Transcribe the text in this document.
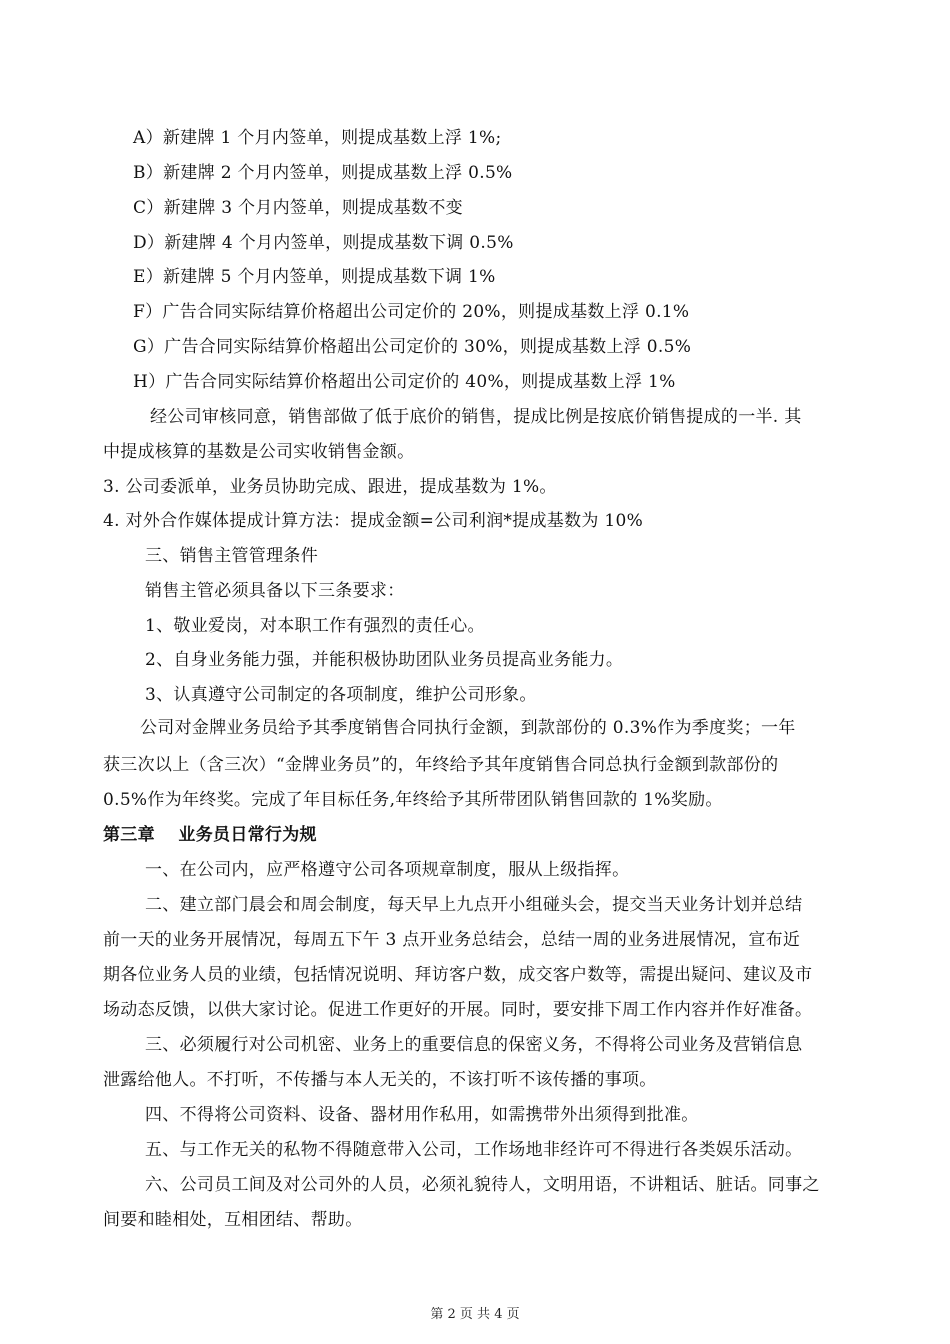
A）新建牌 1 个月内签单，则提成基数上浮 1%;
B）新建牌 2 个月内签单，则提成基数上浮 0.5%
C）新建牌 3 个月内签单，则提成基数不变
D）新建牌 4 个月内签单，则提成基数下调 0.5%
E）新建牌 5 个月内签单，则提成基数下调 1%
F）广告合同实际结算价格超出公司定价的 20%，则提成基数上浮 0.1%
G）广告合同实际结算价格超出公司定价的 30%，则提成基数上浮 0.5%
H）广告合同实际结算价格超出公司定价的 40%，则提成基数上浮 1%
经公司审核同意，销售部做了低于底价的销售，提成比例是按底价销售提成的一半. 其
中提成核算的基数是公司实收销售金额。
3. 公司委派单，业务员协助完成、跟进，提成基数为 1%。
4. 对外合作媒体提成计算方法：提成金额=公司利润*提成基数为 10%
三、销售主管管理条件
销售主管必须具备以下三条要求：
1、敬业爱岗，对本职工作有强烈的责任心。
2、自身业务能力强，并能积极协助团队业务员提高业务能力。
3、认真遵守公司制定的各项制度，维护公司形象。
公司对金牌业务员给予其季度销售合同执行金额，到款部份的 0.3%作为季度奖；一年
获三次以上（含三次）“金牌业务员”的，年终给予其年度销售合同总执行金额到款部份的
0.5%作为年终奖。完成了年目标任务,年终给予其所带团队销售回款的 1%奖励。
第三章　 业务员日常行为规
一、在公司内，应严格遵守公司各项规章制度，服从上级指挥。
二、建立部门晨会和周会制度，每天早上九点开小组碰头会，提交当天业务计划并总结
前一天的业务开展情况，每周五下午 3 点开业务总结会，总结一周的业务进展情况，宣布近
期各位业务人员的业绩，包括情况说明、拜访客户数，成交客户数等，需提出疑问、建议及市
场动态反馈，以供大家讨论。促进工作更好的开展。同时，要安排下周工作内容并作好准备。
三、必须履行对公司机密、业务上的重要信息的保密义务，不得将公司业务及营销信息
泄露给他人。不打听，不传播与本人无关的，不该打听不该传播的事项。
四、不得将公司资料、设备、器材用作私用，如需携带外出须得到批准。
五、与工作无关的私物不得随意带入公司，工作场地非经许可不得进行各类娱乐活动。
六、公司员工间及对公司外的人员，必须礼貌待人，文明用语，不讲粗话、脏话。同事之
间要和睦相处，互相团结、帮助。
第 2 页 共 4 页
